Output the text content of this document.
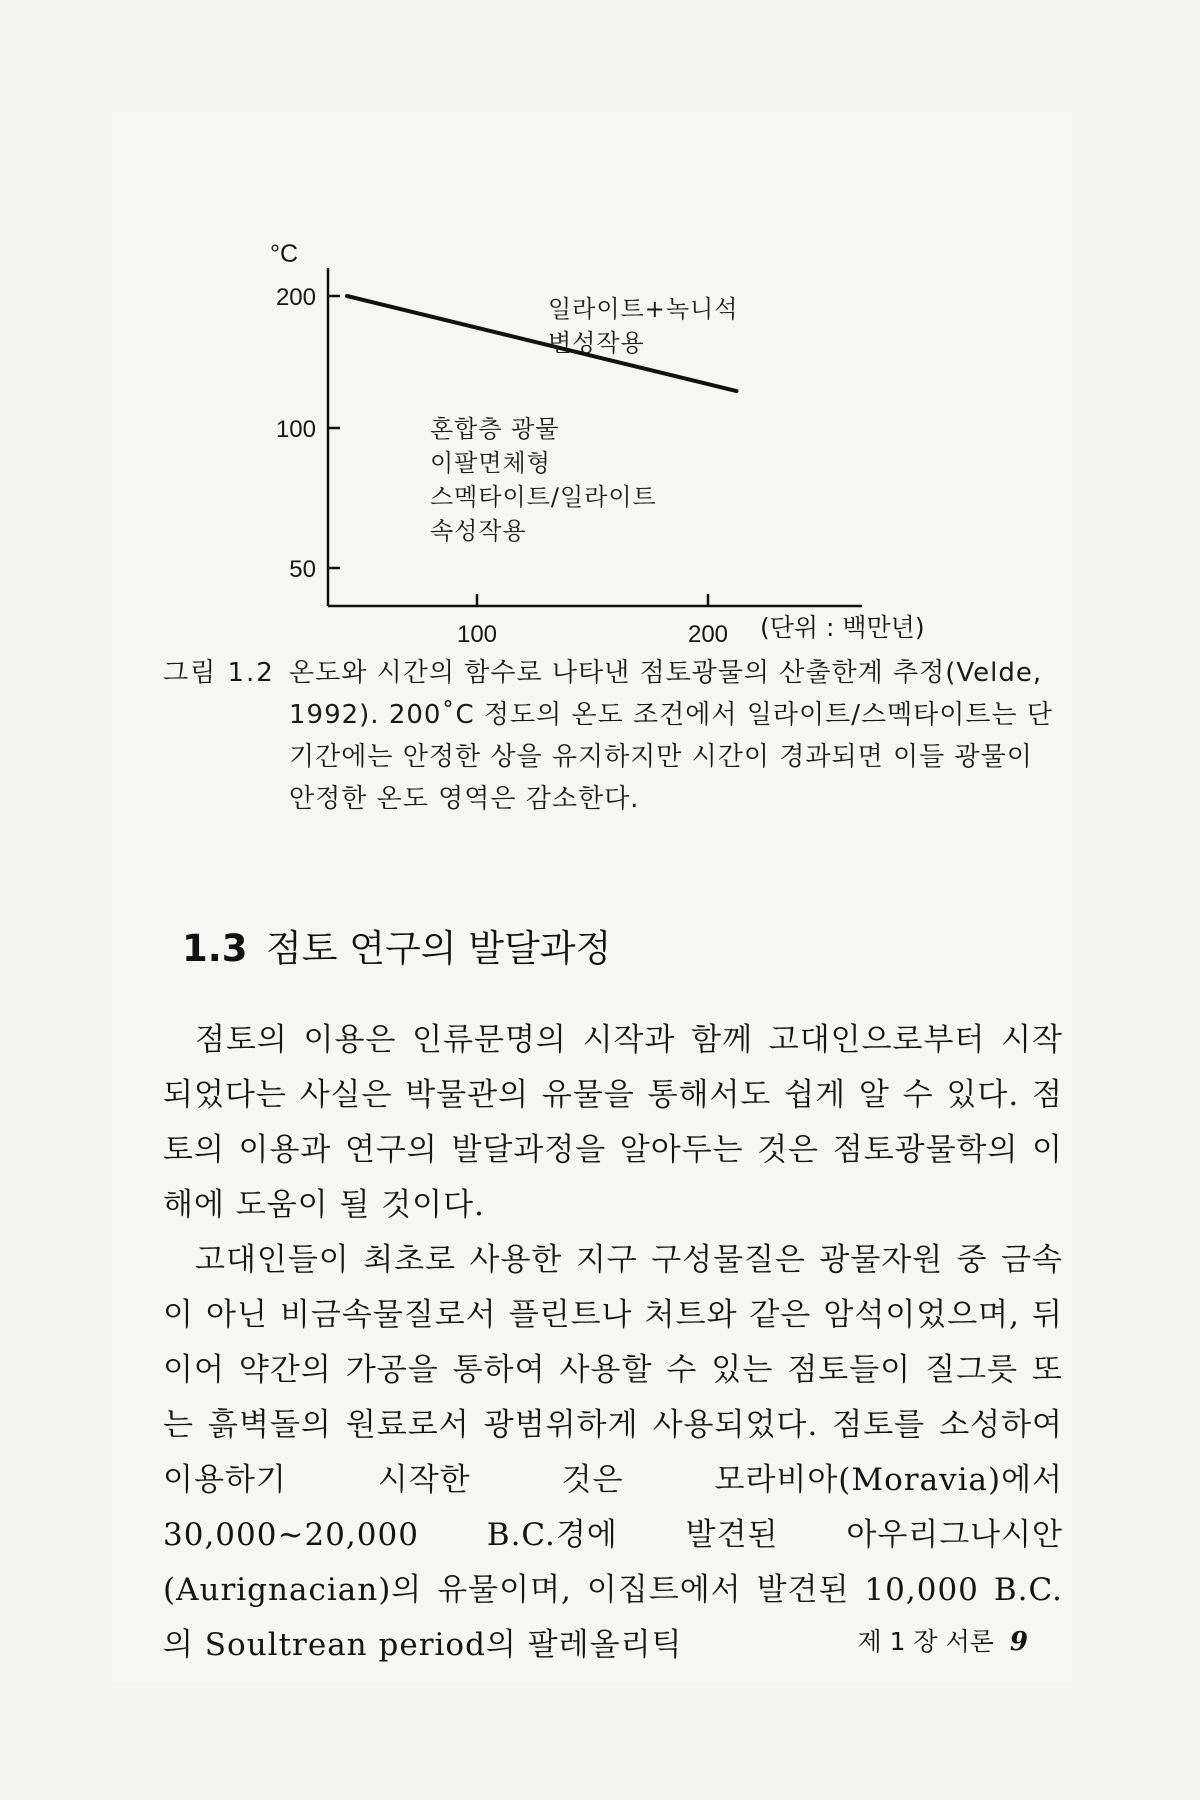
200
100
50
100	200
°C
(단위 : 백만년)
일라이트+녹니석
변성작용
혼합층 광물
이팔면체형
스멕타이트/일라이트
속성작용
그림 1.2 온도와 시간의 함수로 나타낸 점토광물의 산출한계 추정(Velde, 1992). 200˚C 정도의 온도 조건에서 일라이트/스멕타이트는 단기간에는 안정한 상을 유지하지만 시간이 경과되면 이들 광물이 안정한 온도 영역은 감소한다.
1.3 점토 연구의 발달과정

점토의 이용은 인류문명의 시작과 함께 고대인으로부터 시작되었다는 사실은 박물관의 유물을 통해서도 쉽게 알 수 있다. 점토의 이용과 연구의 발달과정을 알아두는 것은 점토광물학의 이해에 도움이 될 것이다.

고대인들이 최초로 사용한 지구 구성물질은 광물자원 중 금속이 아닌 비금속물질로서 플린트나 처트와 같은 암석이었으며, 뒤이어 약간의 가공을 통하여 사용할 수 있는 점토들이 질그릇 또는 흙벽돌의 원료로서 광범위하게 사용되었다. 점토를 소성하여 이용하기 시작한 것은 모라비아(Moravia)에서 30,000~20,000 B.C.경에 발견된 아우리그나시안(Aurignacian)의 유물이며, 이집트에서 발견된 10,000 B.C.의 Soultrean period의 팔레올리틱	제 1 장 서론 9
